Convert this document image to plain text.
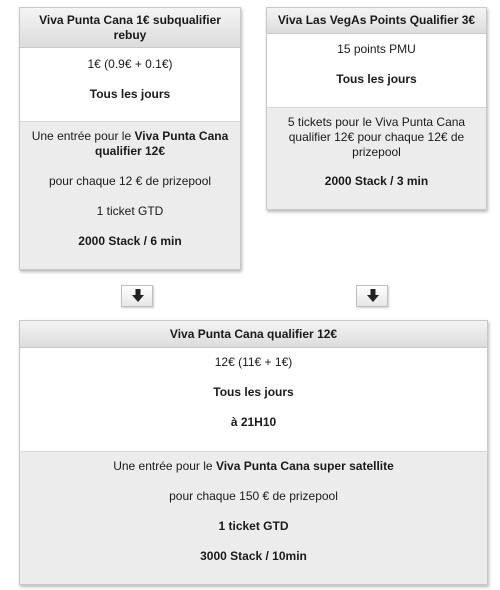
Viva Punta Cana 1€ subqualifier rebuy
1€ (0.9€ + 0.1€)
Tous les jours
Une entrée pour le Viva Punta Cana
qualifier 12€
pour chaque 12 € de prizepool
1 ticket GTD
2000 Stack / 6 min
Viva Las VegAs Points Qualifier 3€
15 points PMU
Tous les jours
5 tickets pour le Viva Punta Cana
qualifier 12€ pour chaque 12€ de
prizepool
2000 Stack / 3 min
Viva Punta Cana qualifier 12€
12€ (11€ + 1€)
Tous les jours
à 21H10
Une entrée pour le Viva Punta Cana super satellite
pour chaque 150 € de prizepool
1 ticket GTD
3000 Stack / 10min
